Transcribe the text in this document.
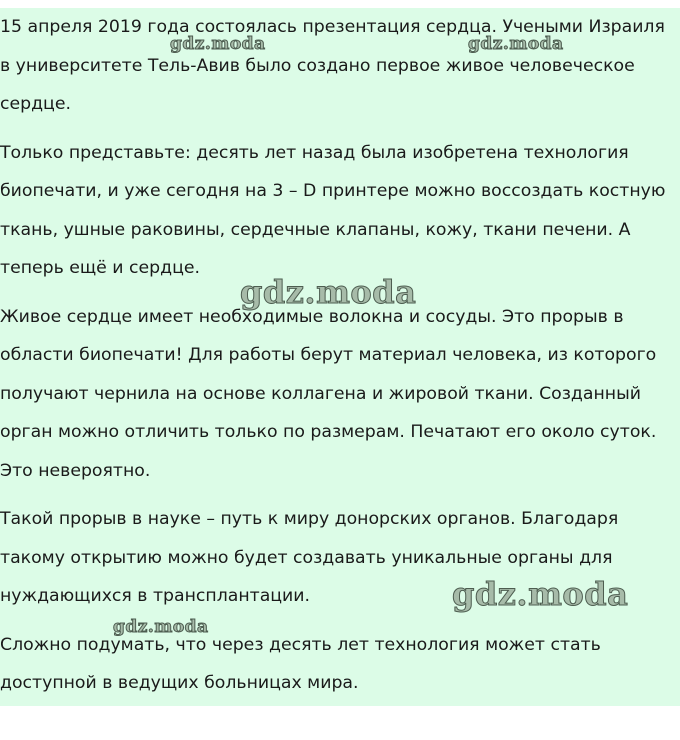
15 апреля 2019 года состоялась презентация сердца. Учеными Израиля в университете Тель-Авив было создано первое живое человеческое сердце.

Только представьте: десять лет назад была изобретена технология биопечати, и уже сегодня на 3 – D принтере можно воссоздать костную ткань, ушные раковины, сердечные клапаны, кожу, ткани печени. А теперь ещё и сердце.

Живое сердце имеет необходимые волокна и сосуды. Это прорыв в области биопечати! Для работы берут материал человека, из которого получают чернила на основе коллагена и жировой ткани. Созданный орган можно отличить только по размерам. Печатают его около суток. Это невероятно.

Такой прорыв в науке – путь к миру донорских органов. Благодаря такому открытию можно будет создавать уникальные органы для нуждающихся в трансплантации.

Сложно подумать, что через десять лет технология может стать доступной в ведущих больницах мира.

gdz.moda	gdz.moda
gdz.moda
gdz.moda
gdz.moda
